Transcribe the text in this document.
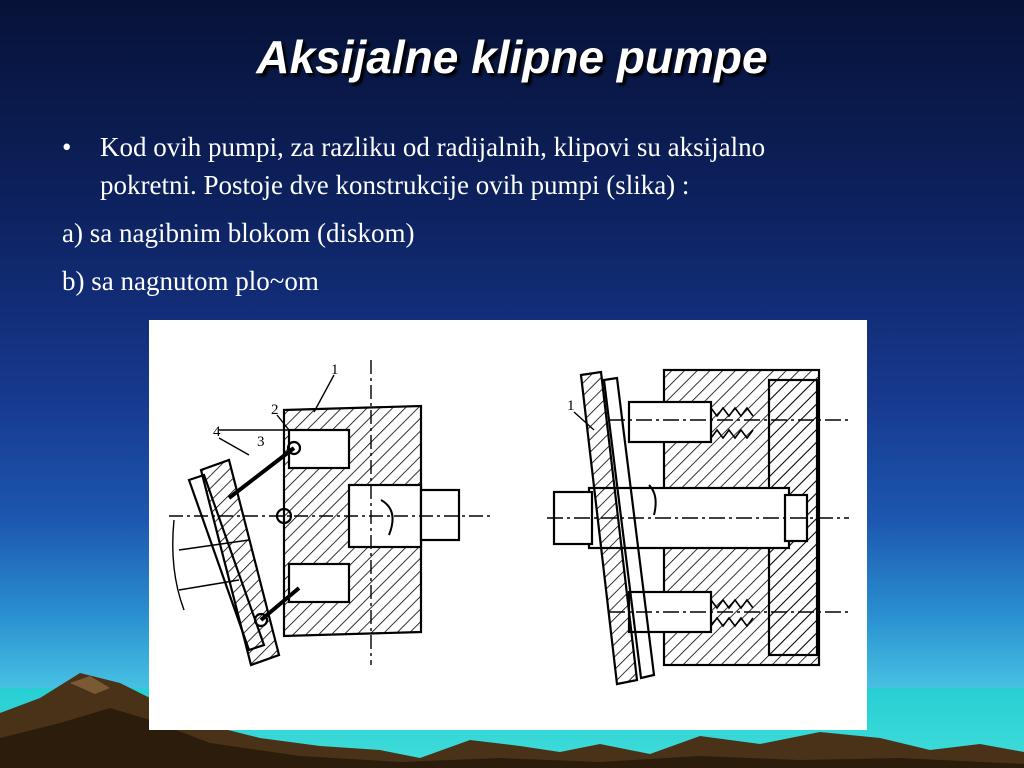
Aksijalne klipne pumpe
•	Kod ovih pumpi, za razliku od radijalnih, klipovi su aksijalno
pokretni. Postoje dve konstrukcije ovih pumpi (slika) :
a) sa nagibnim blokom (diskom)
b) sa nagnutom plo~om
1
2
3
4
1
